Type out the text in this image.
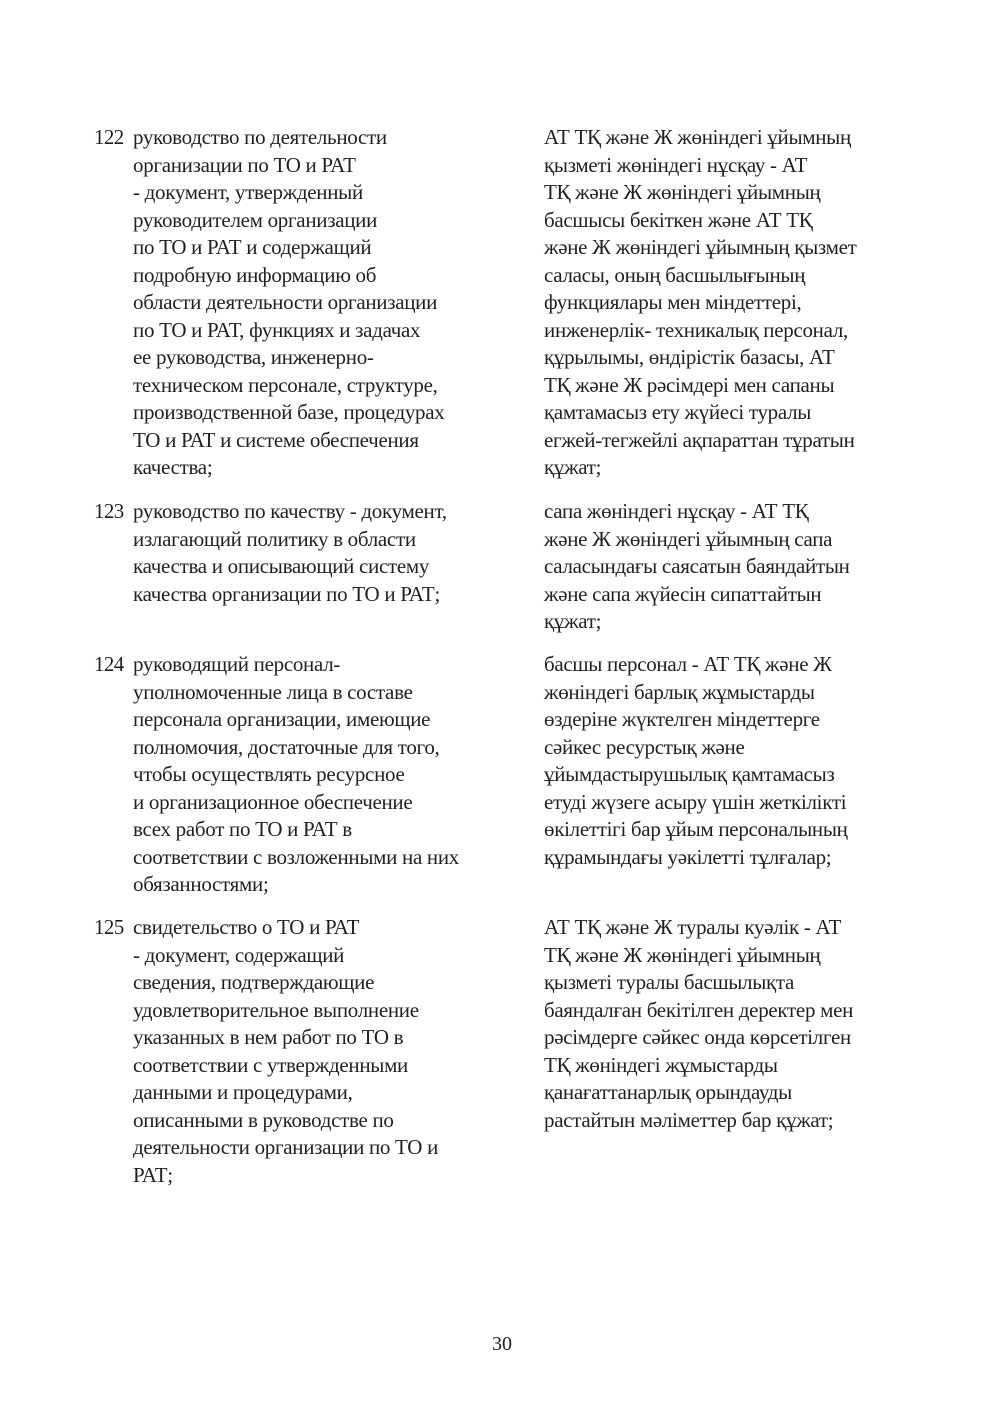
122 руководство по деятельности
организации по ТО и РАТ
- документ, утвержденный
руководителем организации
по ТО и РАТ и содержащий
подробную информацию об
области деятельности организации
по ТО и РАТ, функциях и задачах
ее руководства, инженерно-
техническом персонале, структуре,
производственной базе, процедурах
ТО и РАТ и системе обеспечения
качества;
АТ ТҚ және Ж жөніндегі ұйымның
қызметі жөніндегі нұсқау - АТ
ТҚ және Ж жөніндегі ұйымның
басшысы бекіткен және АТ ТҚ
және Ж жөніндегі ұйымның қызмет
саласы, оның басшылығының
функциялары мен міндеттері,
инженерлік- техникалық персонал,
құрылымы, өндірістік базасы, АТ
ТҚ және Ж рәсімдері мен сапаны
қамтамасыз ету жүйесі туралы
егжей-тегжейлі ақпараттан тұратын
құжат;
123 руководство по качеству - документ,
излагающий политику в области
качества и описывающий систему
качества организации по ТО и РАТ;
сапа жөніндегі нұсқау - АТ ТҚ
және Ж жөніндегі ұйымның сапа
саласындағы саясатын баяндайтын
және сапа жүйесін сипаттайтын
құжат;
124 руководящий персонал-
уполномоченные лица в составе
персонала организации, имеющие
полномочия, достаточные для того,
чтобы осуществлять ресурсное
и организационное обеспечение
всех работ по ТО и РАТ в
соответствии с возложенными на них
обязанностями;
басшы персонал - АТ ТҚ және Ж
жөніндегі барлық жұмыстарды
өздеріне жүктелген міндеттерге
сәйкес ресурстық және
ұйымдастырушылық қамтамасыз
етуді жүзеге асыру үшін жеткілікті
өкілеттігі бар ұйым персоналының
құрамындағы уәкілетті тұлғалар;
125 свидетельство о ТО и РАТ
- документ, содержащий
сведения, подтверждающие
удовлетворительное выполнение
указанных в нем работ по ТО в
соответствии с утвержденными
данными и процедурами,
описанными в руководстве по
деятельности организации по ТО и
РАТ;
АТ ТҚ және Ж туралы куәлік - АТ
ТҚ және Ж жөніндегі ұйымның
қызметі туралы басшылықта
баяндалған бекітілген деректер мен
рәсімдерге сәйкес онда көрсетілген
ТҚ жөніндегі жұмыстарды
қанағаттанарлық орындауды
растайтын мәліметтер бар құжат;
30
